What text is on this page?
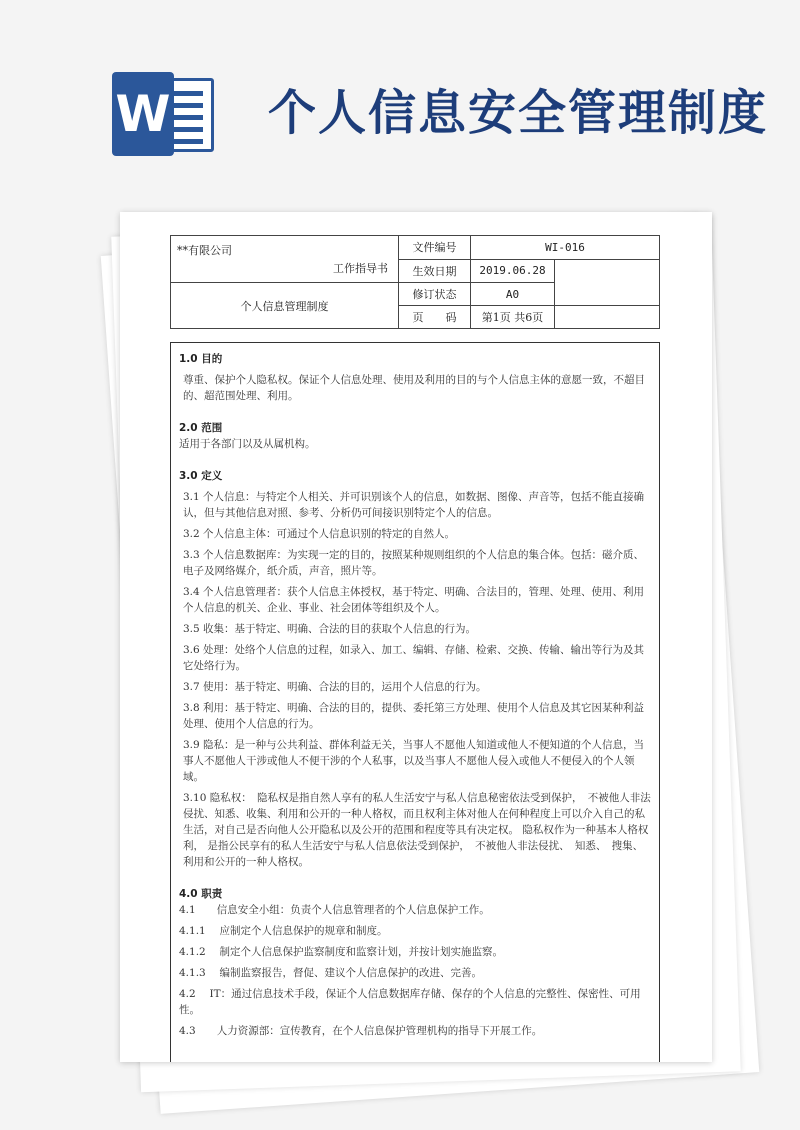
W 个人信息安全管理制度
**有限公司
工作指导书	文件编号	WI-016	
	生效日期	2019.06.28	
个人信息管理制度	修订状态	A0	
	页　　码	第1页 共6页	
1.0 目的
尊重、保护个人隐私权。保证个人信息处理、使用及利用的目的与个人信息主体的意愿一致，不超目的、超范围处理、利用。
2.0 范围
适用于各部门以及从属机构。
3.0 定义
3.1 个人信息：与特定个人相关、并可识别该个人的信息，如数据、图像、声音等，包括不能直接确认，但与其他信息对照、参考、分析仍可间接识别特定个人的信息。
3.2 个人信息主体：可通过个人信息识别的特定的自然人。
3.3 个人信息数据库：为实现一定的目的，按照某种规则组织的个人信息的集合体。包括：磁介质、电子及网络媒介，纸介质，声音，照片等。
3.4 个人信息管理者：获个人信息主体授权，基于特定、明确、合法目的，管理、处理、使用、利用个人信息的机关、企业、事业、社会团体等组织及个人。
3.5 收集：基于特定、明确、合法的目的获取个人信息的行为。
3.6 处理：处络个人信息的过程，如录入、加工、编辑、存储、检索、交换、传输、输出等行为及其它处络行为。
3.7 使用：基于特定、明确、合法的目的，运用个人信息的行为。
3.8 利用：基于特定、明确、合法的目的，提供、委托第三方处理、使用个人信息及其它因某种利益处理、使用个人信息的行为。
3.9 隐私：是一种与公共利益、群体利益无关，当事人不愿他人知道或他人不便知道的个人信息，当事人不愿他人干涉或他人不便干涉的个人私事，以及当事人不愿他人侵入或他人不便侵入的个人领域。
3.10 隐私权：　隐私权是指自然人享有的私人生活安宁与私人信息秘密依法受到保护，　不被他人非法侵扰、知悉、收集、利用和公开的一种人格权，而且权利主体对他人在何种程度上可以介入自己的私生活，对自己是否向他人公开隐私以及公开的范围和程度等具有决定权。 隐私权作为一种基本人格权利， 是指公民享有的私人生活安宁与私人信息依法受到保护，　不被他人非法侵扰、　知悉、　搜集、　利用和公开的一种人格权。
4.0 职责
4.1　　信息安全小组：负责个人信息管理者的个人信息保护工作。
4.1.1　 应制定个人信息保护的规章和制度。
4.1.2　 制定个人信息保护监察制度和监察计划，并按计划实施监察。
4.1.3　 编制监察报告，督促、建议个人信息保护的改进、完善。
4.2　 IT：通过信息技术手段，保证个人信息数据库存储、保存的个人信息的完整性、保密性、可用性。
4.3　　人力资源部：宣传教育，在个人信息保护管理机构的指导下开展工作。
